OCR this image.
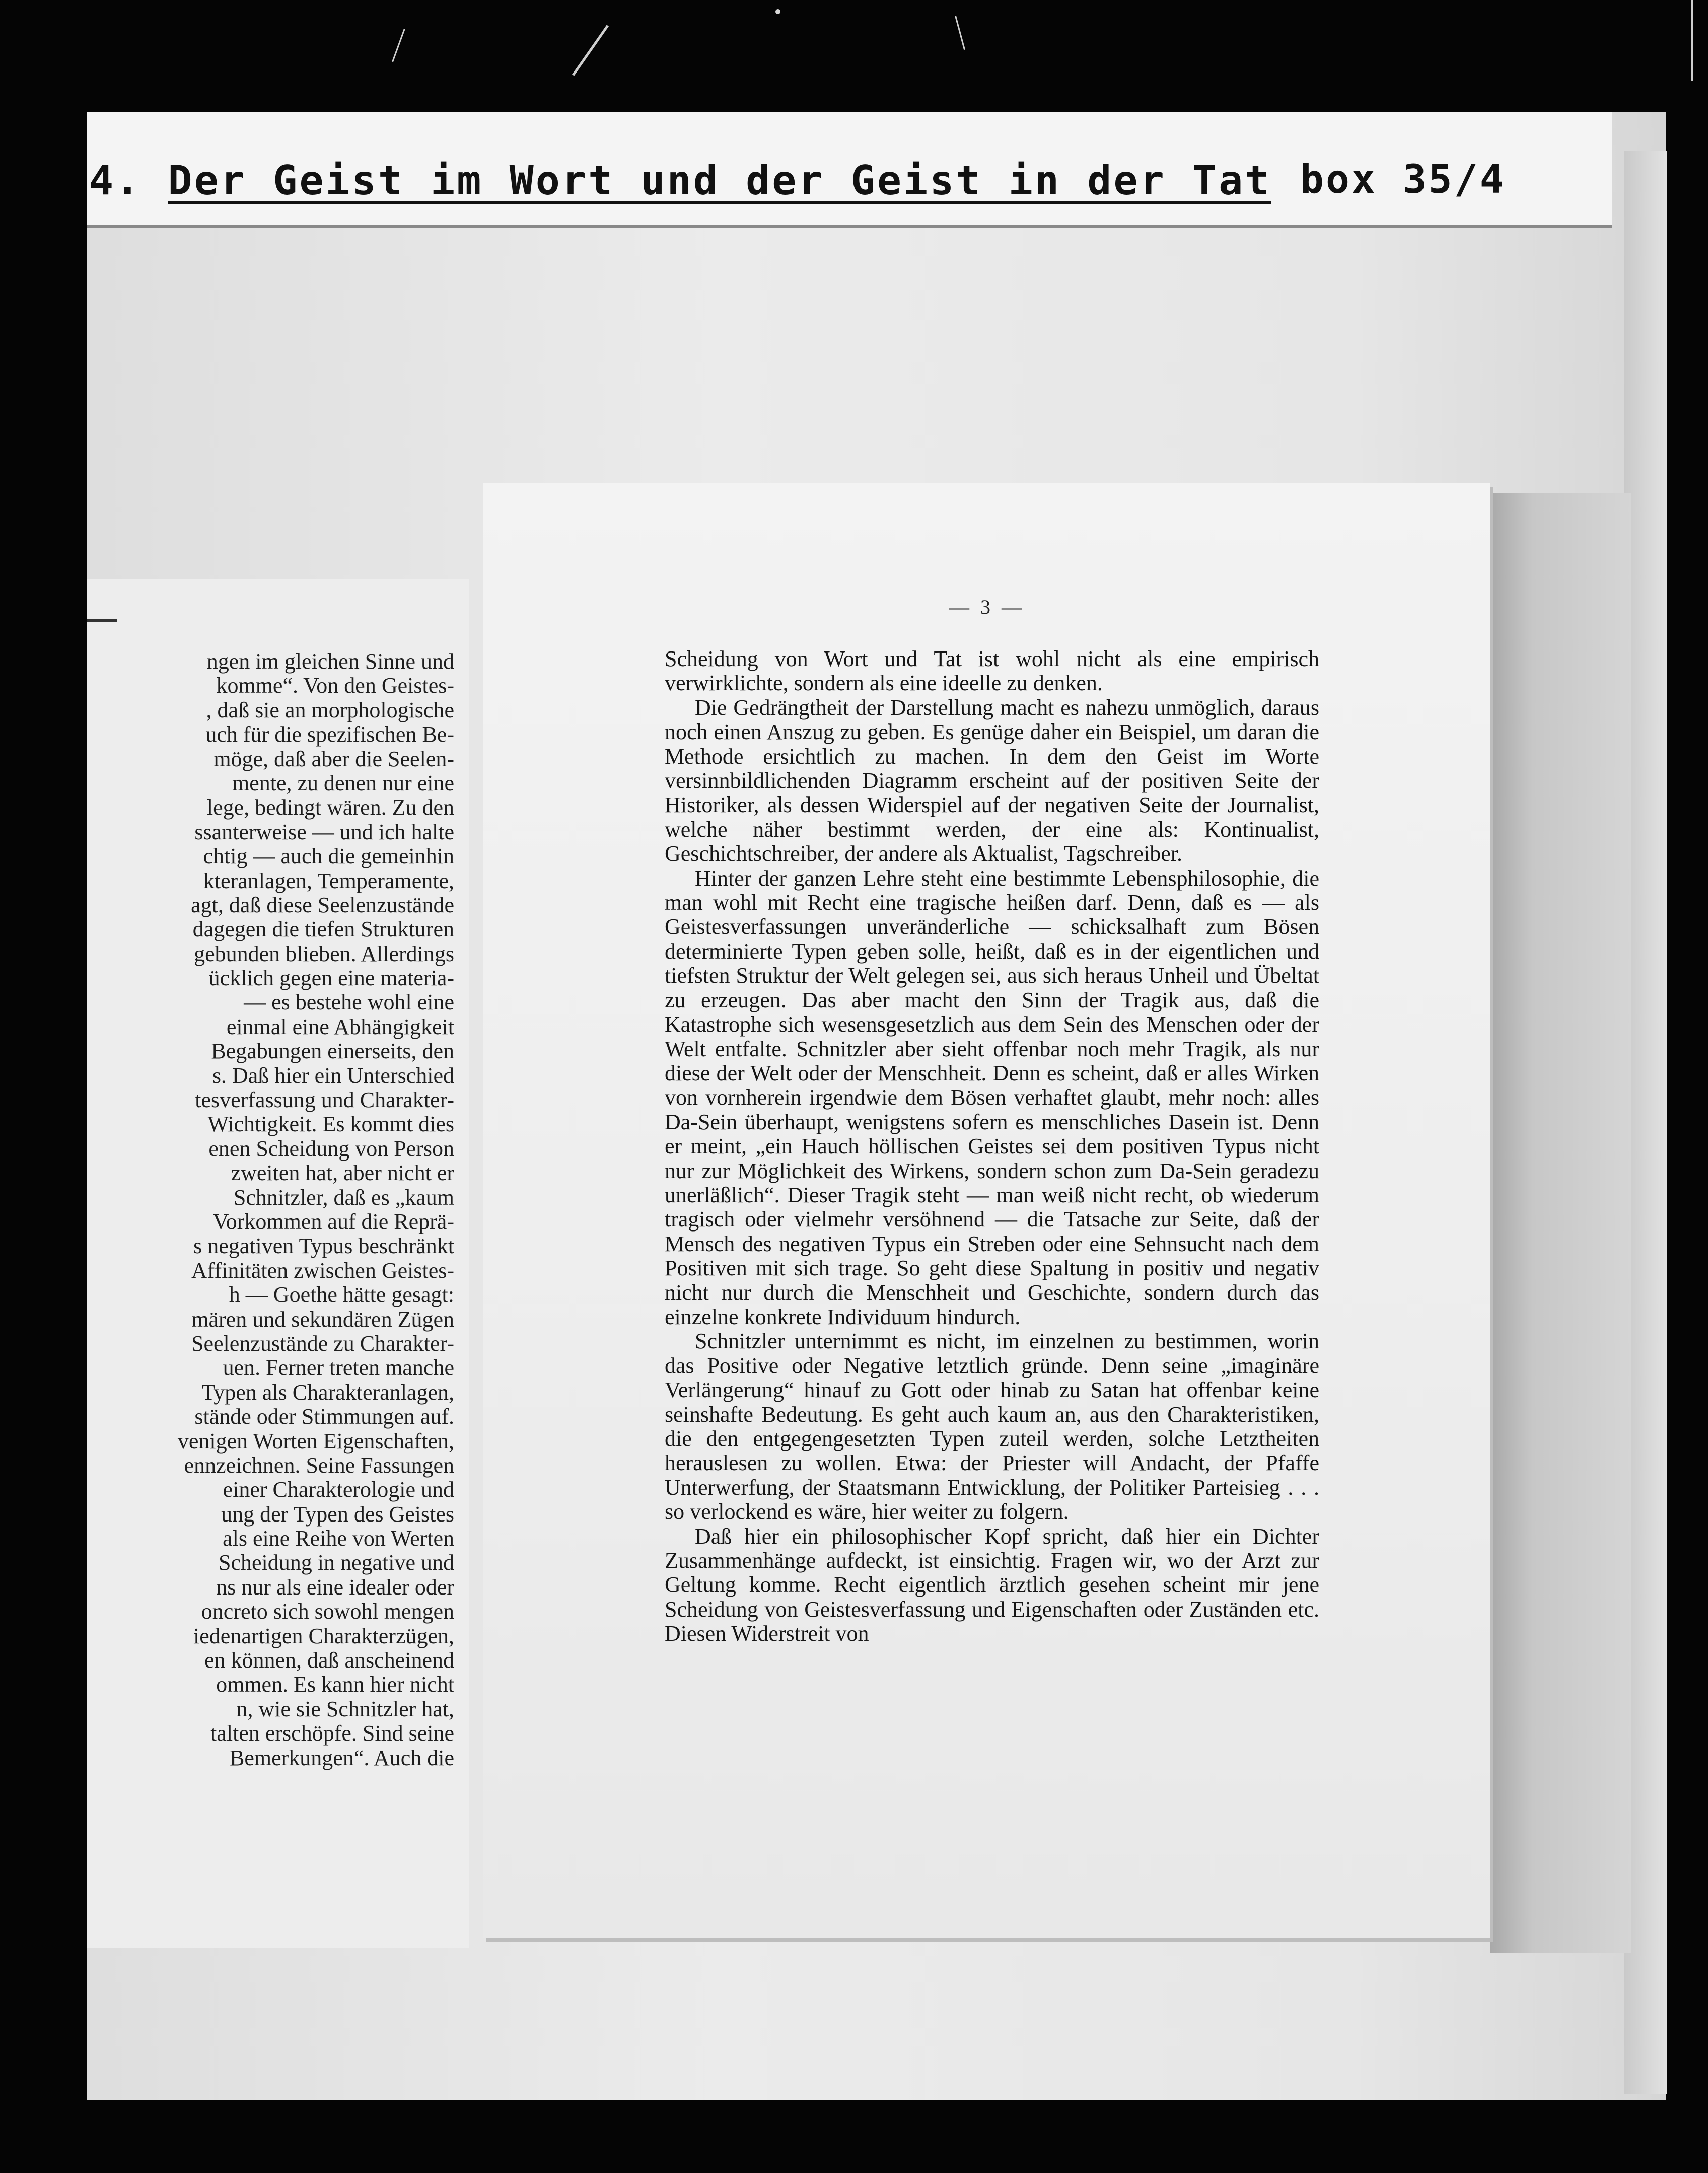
4. Der Geist im Wort und der Geist in der Tat box 35/4
ngen im gleichen Sinne und
komme“. Von den Geistes-
, daß sie an morphologische
uch für die spezifischen Be-
möge, daß aber die Seelen-
mente, zu denen nur eine
lege, bedingt wären. Zu den
ssanterweise — und ich halte
chtig — auch die gemeinhin
kteranlagen, Temperamente,
agt, daß diese Seelenzustände
dagegen die tiefen Strukturen
gebunden blieben. Allerdings
ücklich gegen eine materia-
— es bestehe wohl eine
einmal eine Abhängigkeit
Begabungen einerseits, den
s. Daß hier ein Unterschied
tesverfassung und Charakter-
Wichtigkeit. Es kommt dies
enen Scheidung von Person
zweiten hat, aber nicht er
Schnitzler, daß es „kaum
Vorkommen auf die Reprä-
s negativen Typus beschränkt
Affinitäten zwischen Geistes-
h — Goethe hätte gesagt:
mären und sekundären Zügen
Seelenzustände zu Charakter-
uen. Ferner treten manche
Typen als Charakteranlagen,
stände oder Stimmungen auf.
venigen Worten Eigenschaften,
ennzeichnen. Seine Fassungen
einer Charakterologie und
ung der Typen des Geistes
als eine Reihe von Werten
Scheidung in negative und
ns nur als eine idealer oder
oncreto sich sowohl mengen
iedenartigen Charakterzügen,
en können, daß anscheinend
ommen. Es kann hier nicht
n, wie sie Schnitzler hat,
talten erschöpfe. Sind seine
Bemerkungen“. Auch die
— 3 —

Scheidung von Wort und Tat ist wohl nicht als eine empirisch verwirklichte, sondern als eine ideelle zu denken.

Die Gedrängtheit der Darstellung macht es nahezu unmöglich, daraus noch einen Anszug zu geben. Es genüge daher ein Beispiel, um daran die Methode ersichtlich zu machen. In dem den Geist im Worte versinnbildlichenden Diagramm erscheint auf der positiven Seite der Historiker, als dessen Widerspiel auf der negativen Seite der Journalist, welche näher bestimmt werden, der eine als: Kontinualist, Geschichtschreiber, der andere als Aktualist, Tagschreiber.

Hinter der ganzen Lehre steht eine bestimmte Lebensphilosophie, die man wohl mit Recht eine tragische heißen darf. Denn, daß es — als Geistesverfassungen unveränderliche — schicksalhaft zum Bösen determinierte Typen geben solle, heißt, daß es in der eigentlichen und tiefsten Struktur der Welt gelegen sei, aus sich heraus Unheil und Übeltat zu erzeugen. Das aber macht den Sinn der Tragik aus, daß die Katastrophe sich wesensgesetzlich aus dem Sein des Menschen oder der Welt entfalte. Schnitzler aber sieht offenbar noch mehr Tragik, als nur diese der Welt oder der Menschheit. Denn es scheint, daß er alles Wirken von vornherein irgendwie dem Bösen verhaftet glaubt, mehr noch: alles Da-Sein überhaupt, wenigstens sofern es menschliches Dasein ist. Denn er meint, „ein Hauch höllischen Geistes sei dem positiven Typus nicht nur zur Möglichkeit des Wirkens, sondern schon zum Da-Sein geradezu unerläßlich“. Dieser Tragik steht — man weiß nicht recht, ob wiederum tragisch oder vielmehr versöhnend — die Tatsache zur Seite, daß der Mensch des negativen Typus ein Streben oder eine Sehnsucht nach dem Positiven mit sich trage. So geht diese Spaltung in positiv und negativ nicht nur durch die Menschheit und Geschichte, sondern durch das einzelne konkrete Individuum hindurch.

Schnitzler unternimmt es nicht, im einzelnen zu bestimmen, worin das Positive oder Negative letztlich gründe. Denn seine „imaginäre Verlängerung“ hinauf zu Gott oder hinab zu Satan hat offenbar keine seinshafte Bedeutung. Es geht auch kaum an, aus den Charakteristiken, die den entgegengesetzten Typen zuteil werden, solche Letztheiten herauslesen zu wollen. Etwa: der Priester will Andacht, der Pfaffe Unterwerfung, der Staatsmann Entwicklung, der Politiker Parteisieg . . . so verlockend es wäre, hier weiter zu folgern.

Daß hier ein philosophischer Kopf spricht, daß hier ein Dichter Zusammenhänge aufdeckt, ist einsichtig. Fragen wir, wo der Arzt zur Geltung komme. Recht eigentlich ärztlich gesehen scheint mir jene Scheidung von Geistesverfassung und Eigenschaften oder Zuständen etc. Diesen Widerstreit von
